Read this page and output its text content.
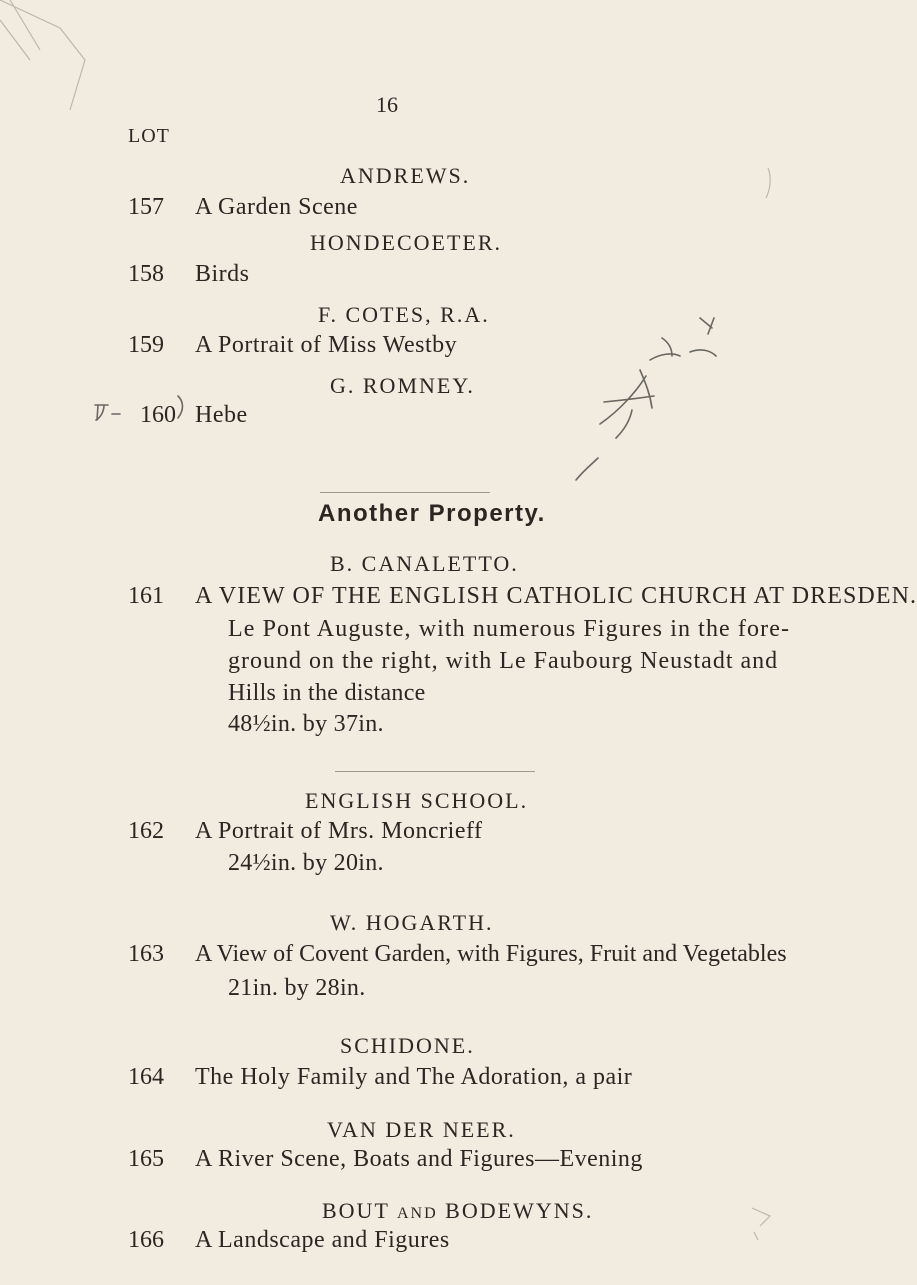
16
LOT
ANDREWS.
157 A Garden Scene
HONDECOETER.
158 Birds
F. COTES, R.A.
159 A Portrait of Miss Westby
G. ROMNEY.
160 Hebe
Another Property.
B. CANALETTO.
161 A VIEW OF THE ENGLISH CATHOLIC CHURCH AT DRESDEN.
Le Pont Auguste, with numerous Figures in the fore-
ground on the right, with Le Faubourg Neustadt and
Hills in the distance
48½in. by 37in.
ENGLISH SCHOOL.
162 A Portrait of Mrs. Moncrieff
24½in. by 20in.
W. HOGARTH.
163 A View of Covent Garden, with Figures, Fruit and Vegetables
21in. by 28in.
SCHIDONE.
164 The Holy Family and The Adoration, a pair
VAN DER NEER.
165 A River Scene, Boats and Figures—Evening
BOUT AND BODEWYNS.
166 A Landscape and Figures
